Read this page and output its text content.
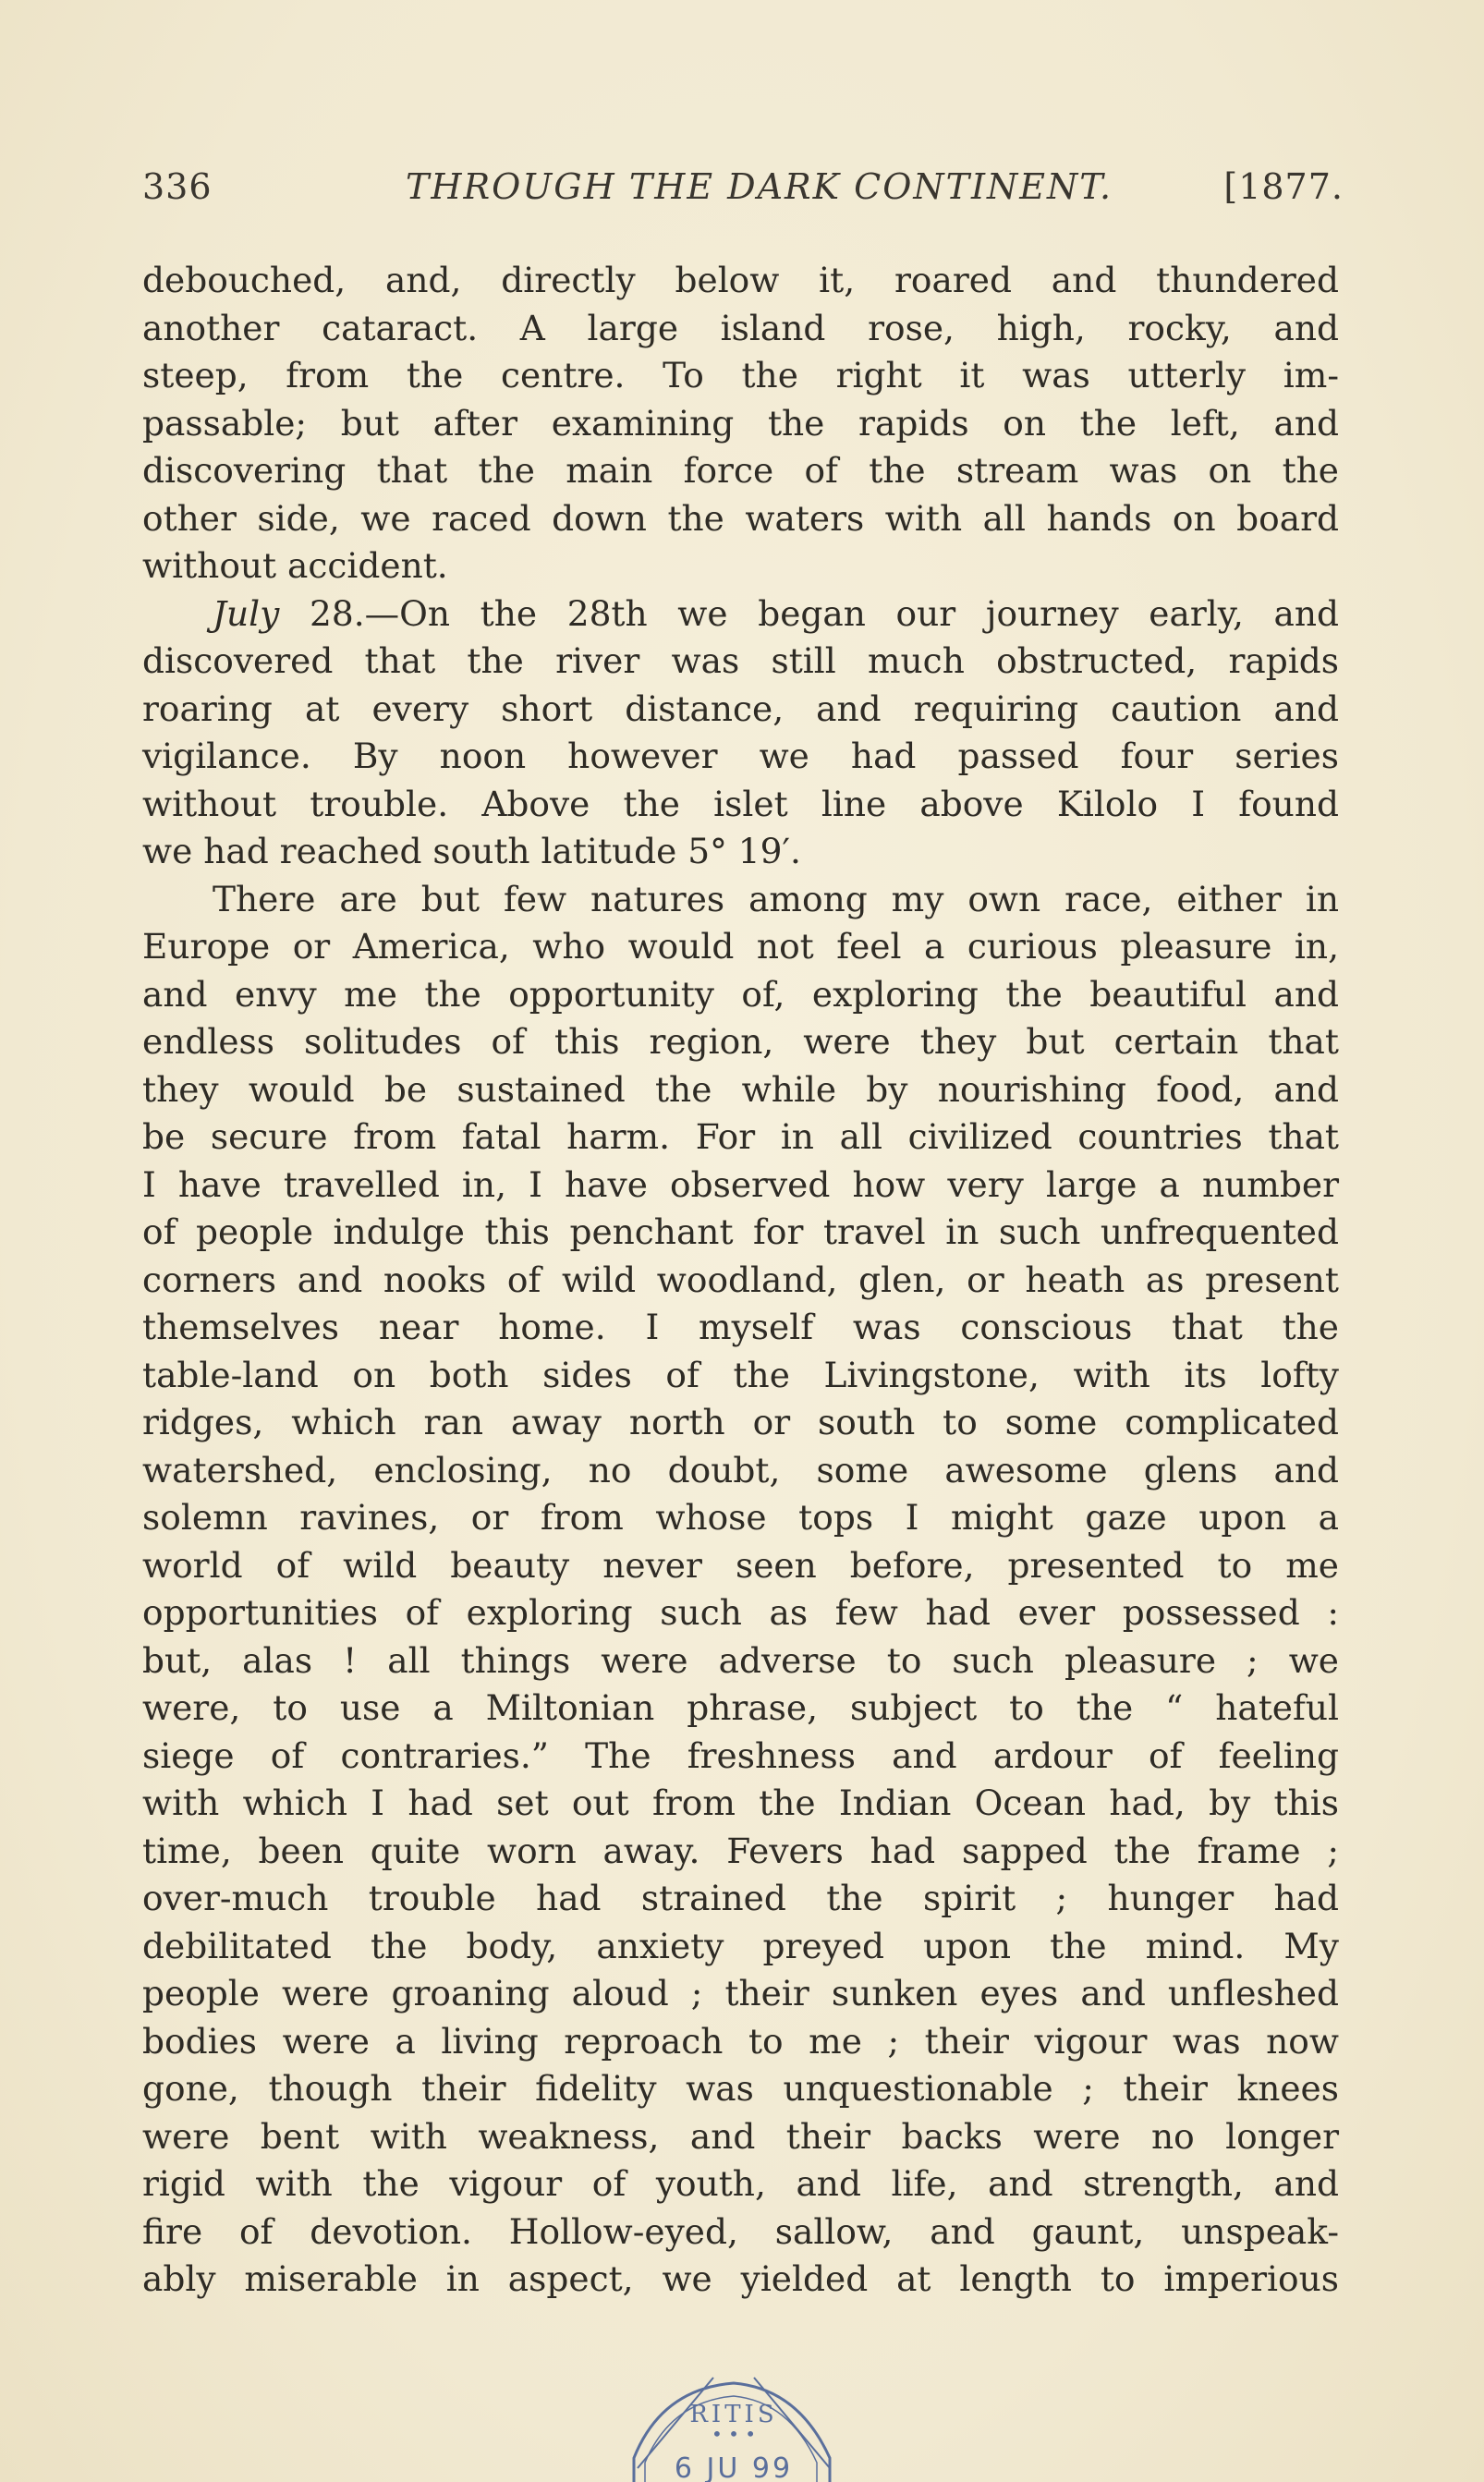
336	THROUGH THE DARK CONTINENT.	[1877.
debouched, and, directly below it, roared and thundered
another cataract. A large island rose, high, rocky, and
steep, from the centre. To the right it was utterly im-
passable; but after examining the rapids on the left, and
discovering that the main force of the stream was on the
other side, we raced down the waters with all hands on board
without accident.
July 28.—On the 28th we began our journey early, and
discovered that the river was still much obstructed, rapids
roaring at every short distance, and requiring caution and
vigilance. By noon however we had passed four series
without trouble. Above the islet line above Kilolo I found
we had reached south latitude 5° 19′.
There are but few natures among my own race, either in
Europe or America, who would not feel a curious pleasure in,
and envy me the opportunity of, exploring the beautiful and
endless solitudes of this region, were they but certain that
they would be sustained the while by nourishing food, and
be secure from fatal harm. For in all civilized countries that
I have travelled in, I have observed how very large a number
of people indulge this penchant for travel in such unfrequented
corners and nooks of wild woodland, glen, or heath as present
themselves near home. I myself was conscious that the
table-land on both sides of the Livingstone, with its lofty
ridges, which ran away north or south to some complicated
watershed, enclosing, no doubt, some awesome glens and
solemn ravines, or from whose tops I might gaze upon a
world of wild beauty never seen before, presented to me
opportunities of exploring such as few had ever possessed :
but, alas ! all things were adverse to such pleasure ; we
were, to use a Miltonian phrase, subject to the “ hateful
siege of contraries.” The freshness and ardour of feeling
with which I had set out from the Indian Ocean had, by this
time, been quite worn away. Fevers had sapped the frame ;
over-much trouble had strained the spirit ; hunger had
debilitated the body, anxiety preyed upon the mind. My
people were groaning aloud ; their sunken eyes and unfleshed
bodies were a living reproach to me ; their vigour was now
gone, though their fidelity was unquestionable ; their knees
were bent with weakness, and their backs were no longer
rigid with the vigour of youth, and life, and strength, and
fire of devotion. Hollow-eyed, sallow, and gaunt, unspeak-
ably miserable in aspect, we yielded at length to imperious
RITIS
• • •
6 JU 99
